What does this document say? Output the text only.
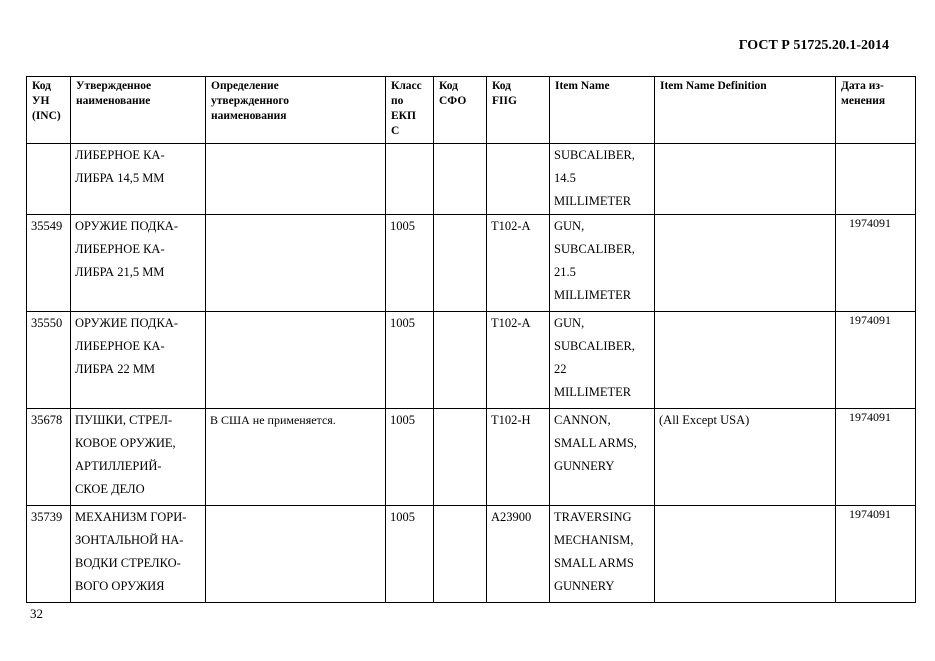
ГОСТ Р 51725.20.1-2014
Код
УН
(INC)	Утвержденное
наименование	Определение
утвержденного
наименования	Класс
по
ЕКП
С	Код
СФО	Код
FIIG	Item Name	Item Name Definition	Дата из-
менения

	ЛИБЕРНОЕ КА-
ЛИБРА 14,5 ММ					SUBCALIBER,
14.5
MILLIMETER		

35549	ОРУЖИЕ ПОДКА-
ЛИБЕРНОЕ КА-
ЛИБРА 21,5 ММ		1005		T102-A	GUN,
SUBCALIBER,
21.5
MILLIMETER		1974091
35550	ОРУЖИЕ ПОДКА-
ЛИБЕРНОЕ КА-
ЛИБРА 22 ММ		1005		T102-A	GUN,
SUBCALIBER,
22
MILLIMETER		1974091
35678	ПУШКИ, СТРЕЛ-
КОВОЕ ОРУЖИЕ,
АРТИЛЛЕРИЙ-
СКОЕ ДЕЛО	В США не применяется.	1005		T102-H	CANNON,
SMALL ARMS,
GUNNERY	(All Except USA)	1974091
35739	МЕХАНИЗМ ГОРИ-
ЗОНТАЛЬНОЙ НА-
ВОДКИ СТРЕЛКО-
ВОГО ОРУЖИЯ		1005		A23900	TRAVERSING
MECHANISM,
SMALL ARMS
GUNNERY		1974091
32
